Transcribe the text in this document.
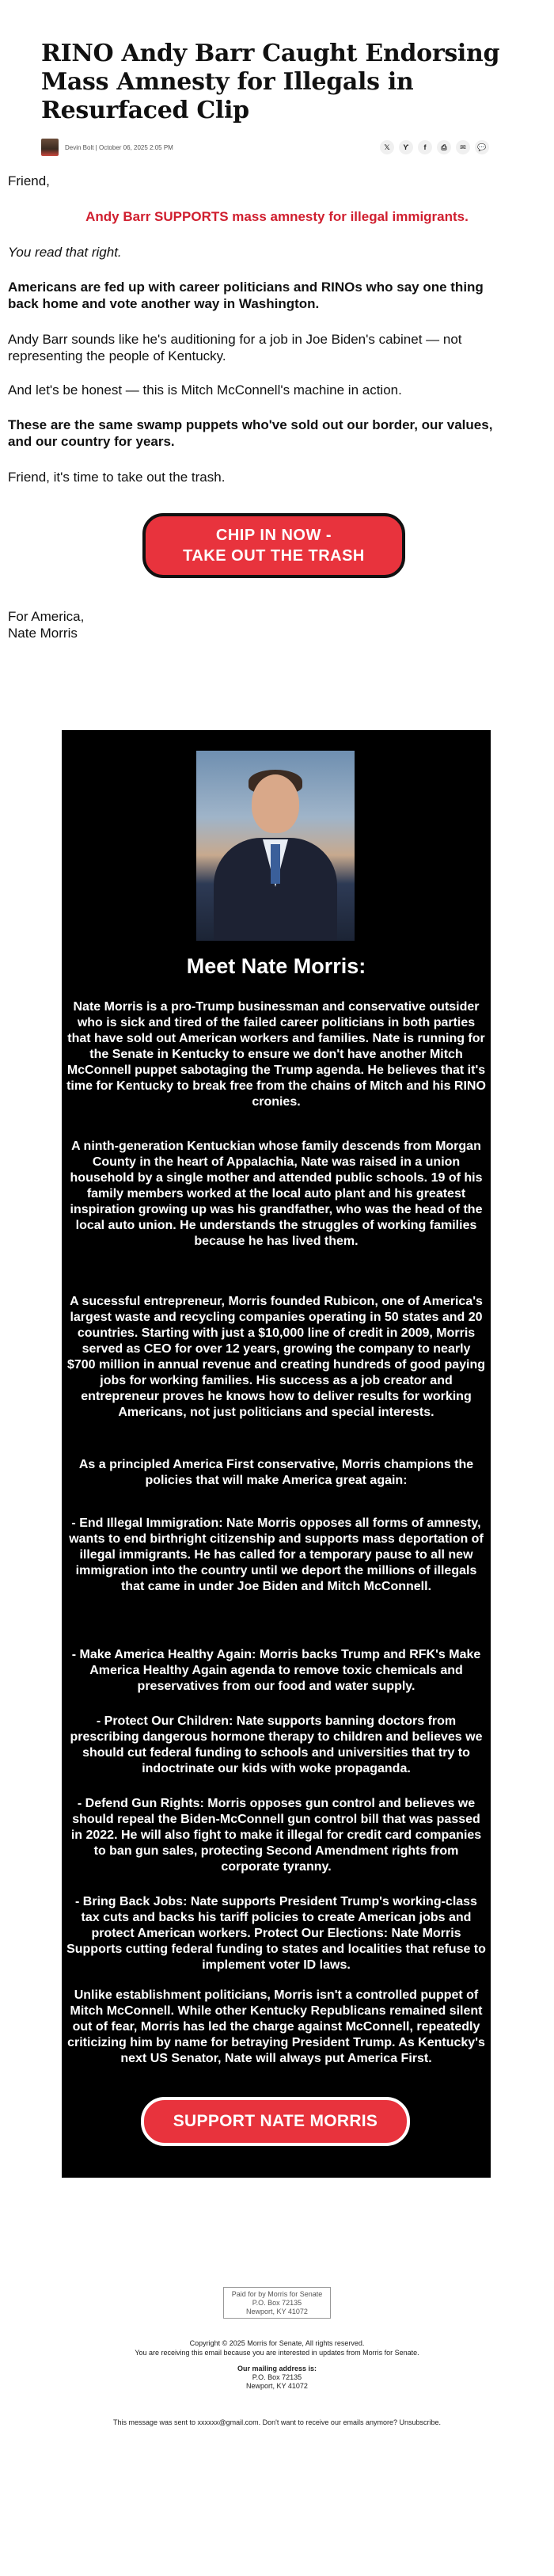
RINO Andy Barr Caught Endorsing Mass Amnesty for Illegals in Resurfaced Clip
Devin Bolt | October 06, 2025 2:05 PM	𝕏	ϒ	f	⎙	✉	💬

Friend,

Andy Barr SUPPORTS mass amnesty for illegal immigrants.

You read that right.

Americans are fed up with career politicians and RINOs who say one thing back home and vote another way in Washington.

Andy Barr sounds like he's auditioning for a job in Joe Biden's cabinet — not representing the people of Kentucky.

And let's be honest — this is Mitch McConnell's machine in action.

These are the same swamp puppets who've sold out our border, our values, and our country for years.

Friend, it's time to take out the trash.

CHIP IN NOW -
TAKE OUT THE TRASH

For America,

Nate Morris

Meet Nate Morris:

Nate Morris is a pro-Trump businessman and conservative outsider who is sick and tired of the failed career politicians in both parties that have sold out American workers and families. Nate is running for the Senate in Kentucky to ensure we don't have another Mitch McConnell puppet sabotaging the Trump agenda. He believes that it's time for Kentucky to break free from the chains of Mitch and his RINO cronies.

A ninth-generation Kentuckian whose family descends from Morgan County in the heart of Appalachia, Nate was raised in a union household by a single mother and attended public schools. 19 of his family members worked at the local auto plant and his greatest inspiration growing up was his grandfather, who was the head of the local auto union. He understands the struggles of working families because he has lived them.

A sucessful entrepreneur, Morris founded Rubicon, one of America's largest waste and recycling companies operating in 50 states and 20 countries. Starting with just a $10,000 line of credit in 2009, Morris served as CEO for over 12 years, growing the company to nearly $700 million in annual revenue and creating hundreds of good paying jobs for working families. His success as a job creator and entrepreneur proves he knows how to deliver results for working Americans, not just politicians and special interests.

As a principled America First conservative, Morris champions the policies that will make America great again:

- End Illegal Immigration: Nate Morris opposes all forms of amnesty, wants to end birthright citizenship and supports mass deportation of illegal immigrants. He has called for a temporary pause to all new immigration into the country until we deport the millions of illegals that came in under Joe Biden and Mitch McConnell.

- Make America Healthy Again: Morris backs Trump and RFK's Make America Healthy Again agenda to remove toxic chemicals and preservatives from our food and water supply.

- Protect Our Children: Nate supports banning doctors from prescribing dangerous hormone therapy to children and believes we should cut federal funding to schools and universities that try to indoctrinate our kids with woke propaganda.

- Defend Gun Rights: Morris opposes gun control and believes we should repeal the Biden-McConnell gun control bill that was passed in 2022. He will also fight to make it illegal for credit card companies to ban gun sales, protecting Second Amendment rights from corporate tyranny.

- Bring Back Jobs: Nate supports President Trump's working-class tax cuts and backs his tariff policies to create American jobs and protect American workers. Protect Our Elections: Nate Morris Supports cutting federal funding to states and localities that refuse to implement voter ID laws.

Unlike establishment politicians, Morris isn't a controlled puppet of Mitch McConnell. While other Kentucky Republicans remained silent out of fear, Morris has led the charge against McConnell, repeatedly criticizing him by name for betraying President Trump. As Kentucky's next US Senator, Nate will always put America First.

SUPPORT NATE MORRIS
Paid for by Morris for Senate
P.O. Box 72135
Newport, KY 41072

Copyright © 2025 Morris for Senate, All rights reserved.

You are receiving this email because you are interested in updates from Morris for Senate.

Our mailing address is:

P.O. Box 72135

Newport, KY 41072

This message was sent to xxxxxx@gmail.com. Don't want to receive our emails anymore? Unsubscribe.
